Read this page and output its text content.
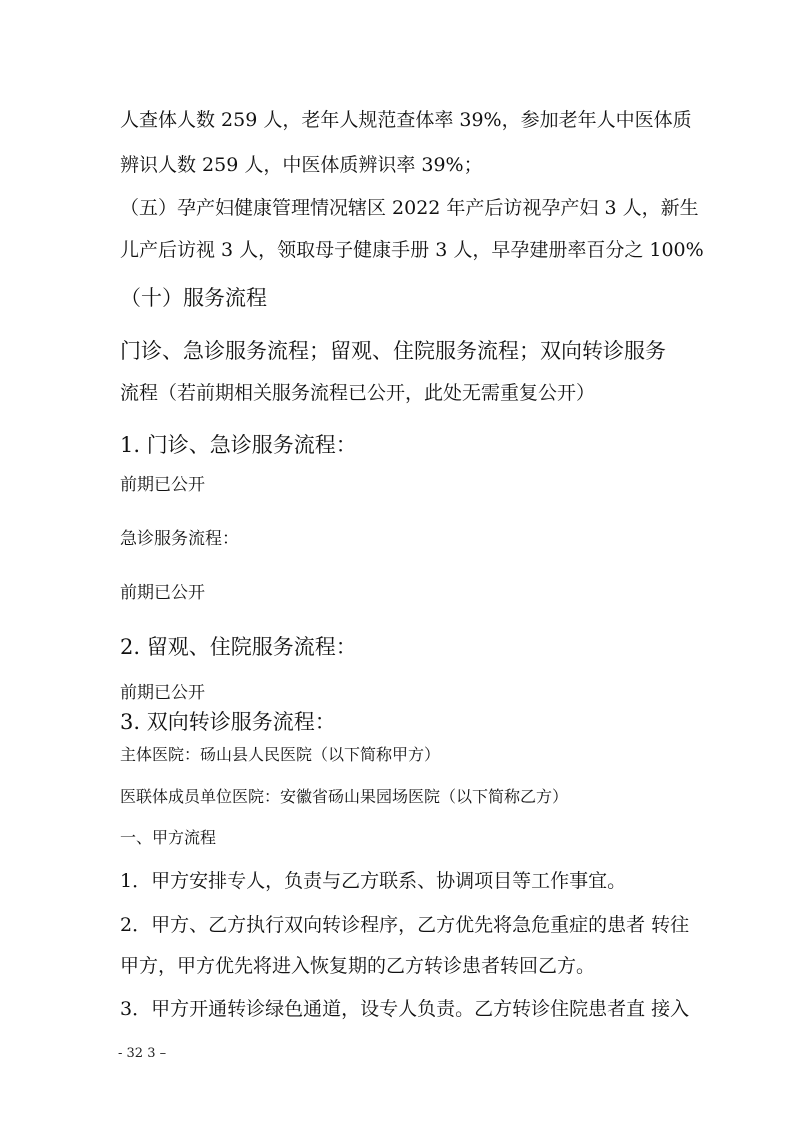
人查体人数 259 人，老年人规范查体率 39%，参加老年人中医体质
辨识人数 259 人，中医体质辨识率 39%；
（五）孕产妇健康管理情况辖区 2022 年产后访视孕产妇 3 人，新生
儿产后访视 3 人，领取母子健康手册 3 人，早孕建册率百分之 100%
（十）服务流程
门诊、急诊服务流程；留观、住院服务流程；双向转诊服务
流程（若前期相关服务流程已公开，此处无需重复公开）
1. 门诊、急诊服务流程：
前期已公开
急诊服务流程：
前期已公开
2. 留观、住院服务流程：
前期已公开
3. 双向转诊服务流程：
主体医院：砀山县人民医院（以下简称甲方）
医联体成员单位医院：安徽省砀山果园场医院（以下简称乙方）
一、甲方流程
1．甲方安排专人，负责与乙方联系、协调项目等工作事宜。
2．甲方、乙方执行双向转诊程序，乙方优先将急危重症的患者 转往
甲方，甲方优先将进入恢复期的乙方转诊患者转回乙方。
3．甲方开通转诊绿色通道，设专人负责。乙方转诊住院患者直 接入
- 32 3 –
